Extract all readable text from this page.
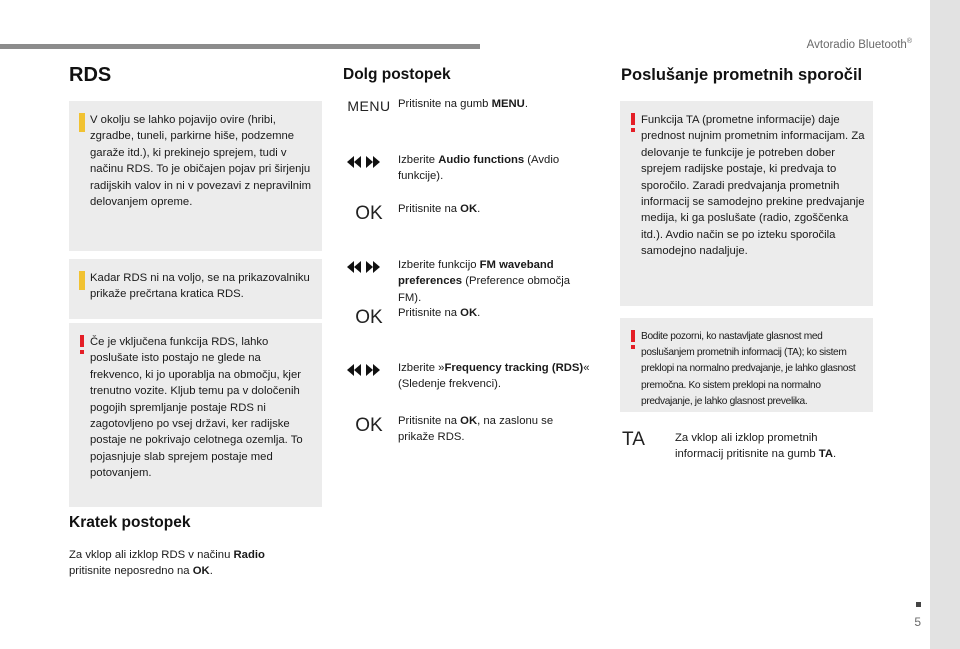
Avtoradio Bluetooth®
5
RDS

V okolju se lahko pojavijo ovire (hribi, zgradbe, tuneli, parkirne hiše, podzemne garaže itd.), ki prekinejo sprejem, tudi v načinu RDS. To je običajen pojav pri širjenju radijskih valov in ni v povezavi z nepravilnim delovanjem opreme.

Kadar RDS ni na voljo, se na prikazovalniku prikaže prečrtana kratica RDS.

Če je vključena funkcija RDS, lahko poslušate isto postajo ne glede na frekvenco, ki jo uporablja na območju, kjer trenutno vozite. Kljub temu pa v določenih pogojih spremljanje postaje RDS ni zagotovljeno po vsej državi, ker radijske postaje ne pokrivajo celotnega ozemlja. To pojasnjuje slab sprejem postaje med potovanjem.

Kratek postopek
Za vklop ali izklop RDS v načinu Radio pritisnite neposredno na OK.
Dolg postopek
MENU Pritisnite na gumb MENU.
Izberite Audio functions (Avdio funkcije).
OK	Pritisnite na OK.
Izberite funkcijo FM waveband preferences (Preference območja FM).
OK	Pritisnite na OK.
Izberite »Frequency tracking (RDS)« (Sledenje frekvenci).
OK	Pritisnite na OK, na zaslonu se prikaže RDS.
Poslušanje prometnih sporočil

Funkcija TA (prometne informacije) daje prednost nujnim prometnim informacijam. Za delovanje te funkcije je potreben dober sprejem radijske postaje, ki predvaja to sporočilo. Zaradi predvajanja prometnih informacij se samodejno prekine predvajanje medija, ki ga poslušate (radio, zgoščenka itd.). Avdio način se po izteku sporočila samodejno nadaljuje.

Bodite pozorni, ko nastavljate glasnost med poslušanjem prometnih informacij (TA); ko sistem preklopi na normalno predvajanje, je lahko glasnost premočna. Ko sistem preklopi na normalno predvajanje, je lahko glasnost prevelika.

TA	Za vklop ali izklop prometnih informacij pritisnite na gumb TA.
